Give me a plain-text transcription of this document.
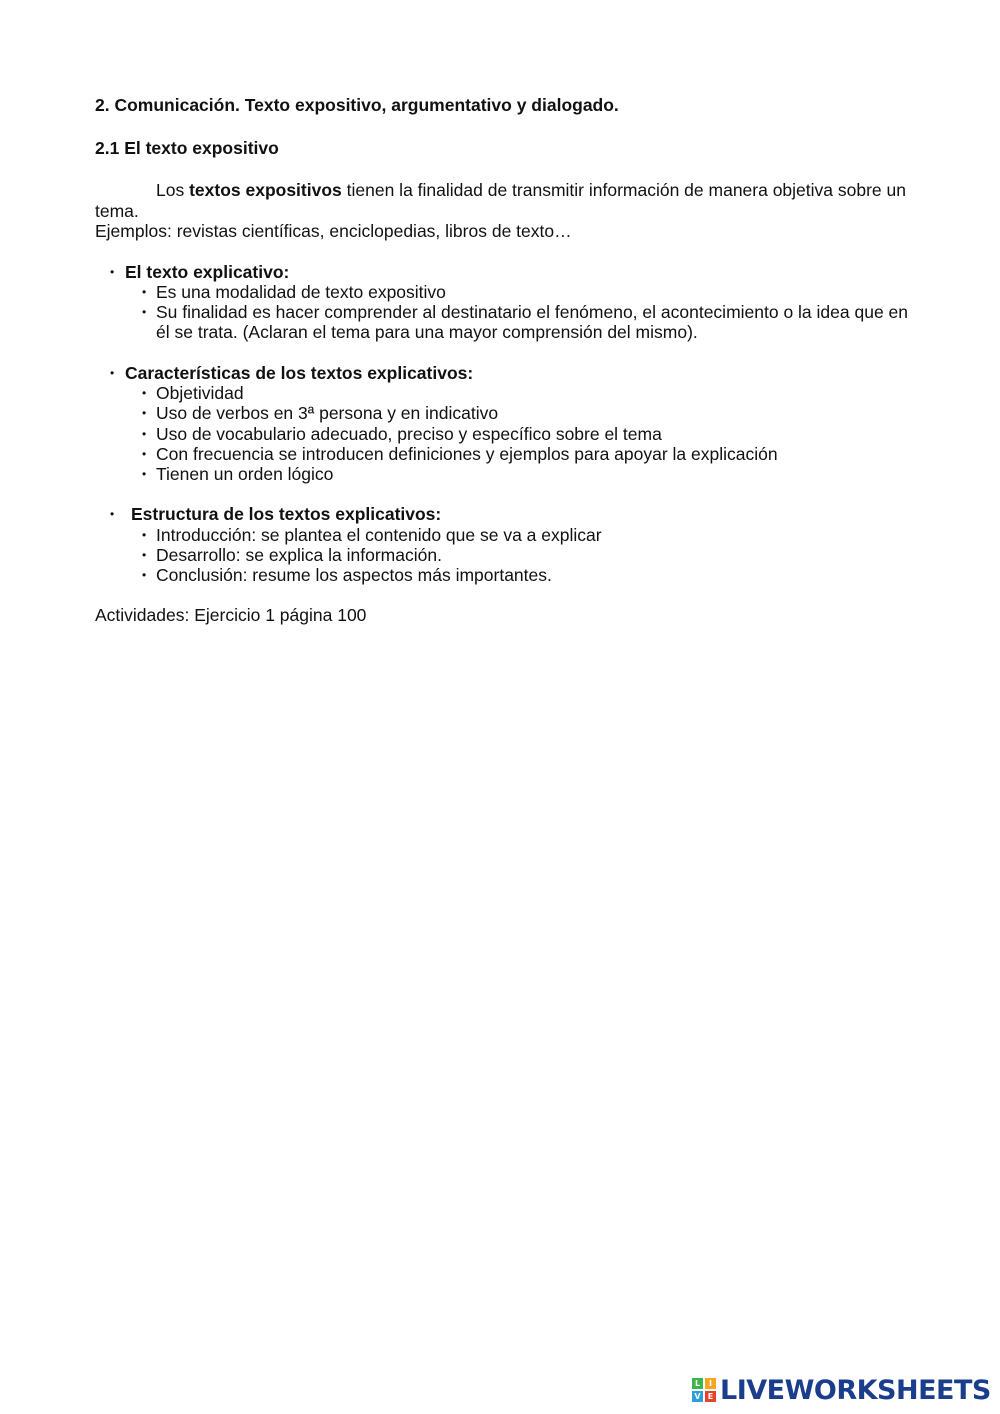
2. Comunicación. Texto expositivo, argumentativo y dialogado.

2.1 El texto expositivo

Los textos expositivos tienen la finalidad de transmitir información de manera objetiva sobre un tema.

Ejemplos: revistas científicas, enciclopedias, libros de texto…

• El texto explicativo:
• Es una modalidad de texto expositivo
• Su finalidad es hacer comprender al destinatario el fenómeno, el acontecimiento o la idea que en él se trata. (Aclaran el tema para una mayor comprensión del mismo).
• Características de los textos explicativos:
• Objetividad
• Uso de verbos en 3ª persona y en indicativo
• Uso de vocabulario adecuado, preciso y específico sobre el tema
• Con frecuencia se introducen definiciones y ejemplos para apoyar la explicación
• Tienen un orden lógico
• Estructura de los textos explicativos:
• Introducción: se plantea el contenido que se va a explicar
• Desarrollo: se explica la información.
• Conclusión: resume los aspectos más importantes.

Actividades: Ejercicio 1 página 100

L	I
V E LIVEWORKSHEETS
